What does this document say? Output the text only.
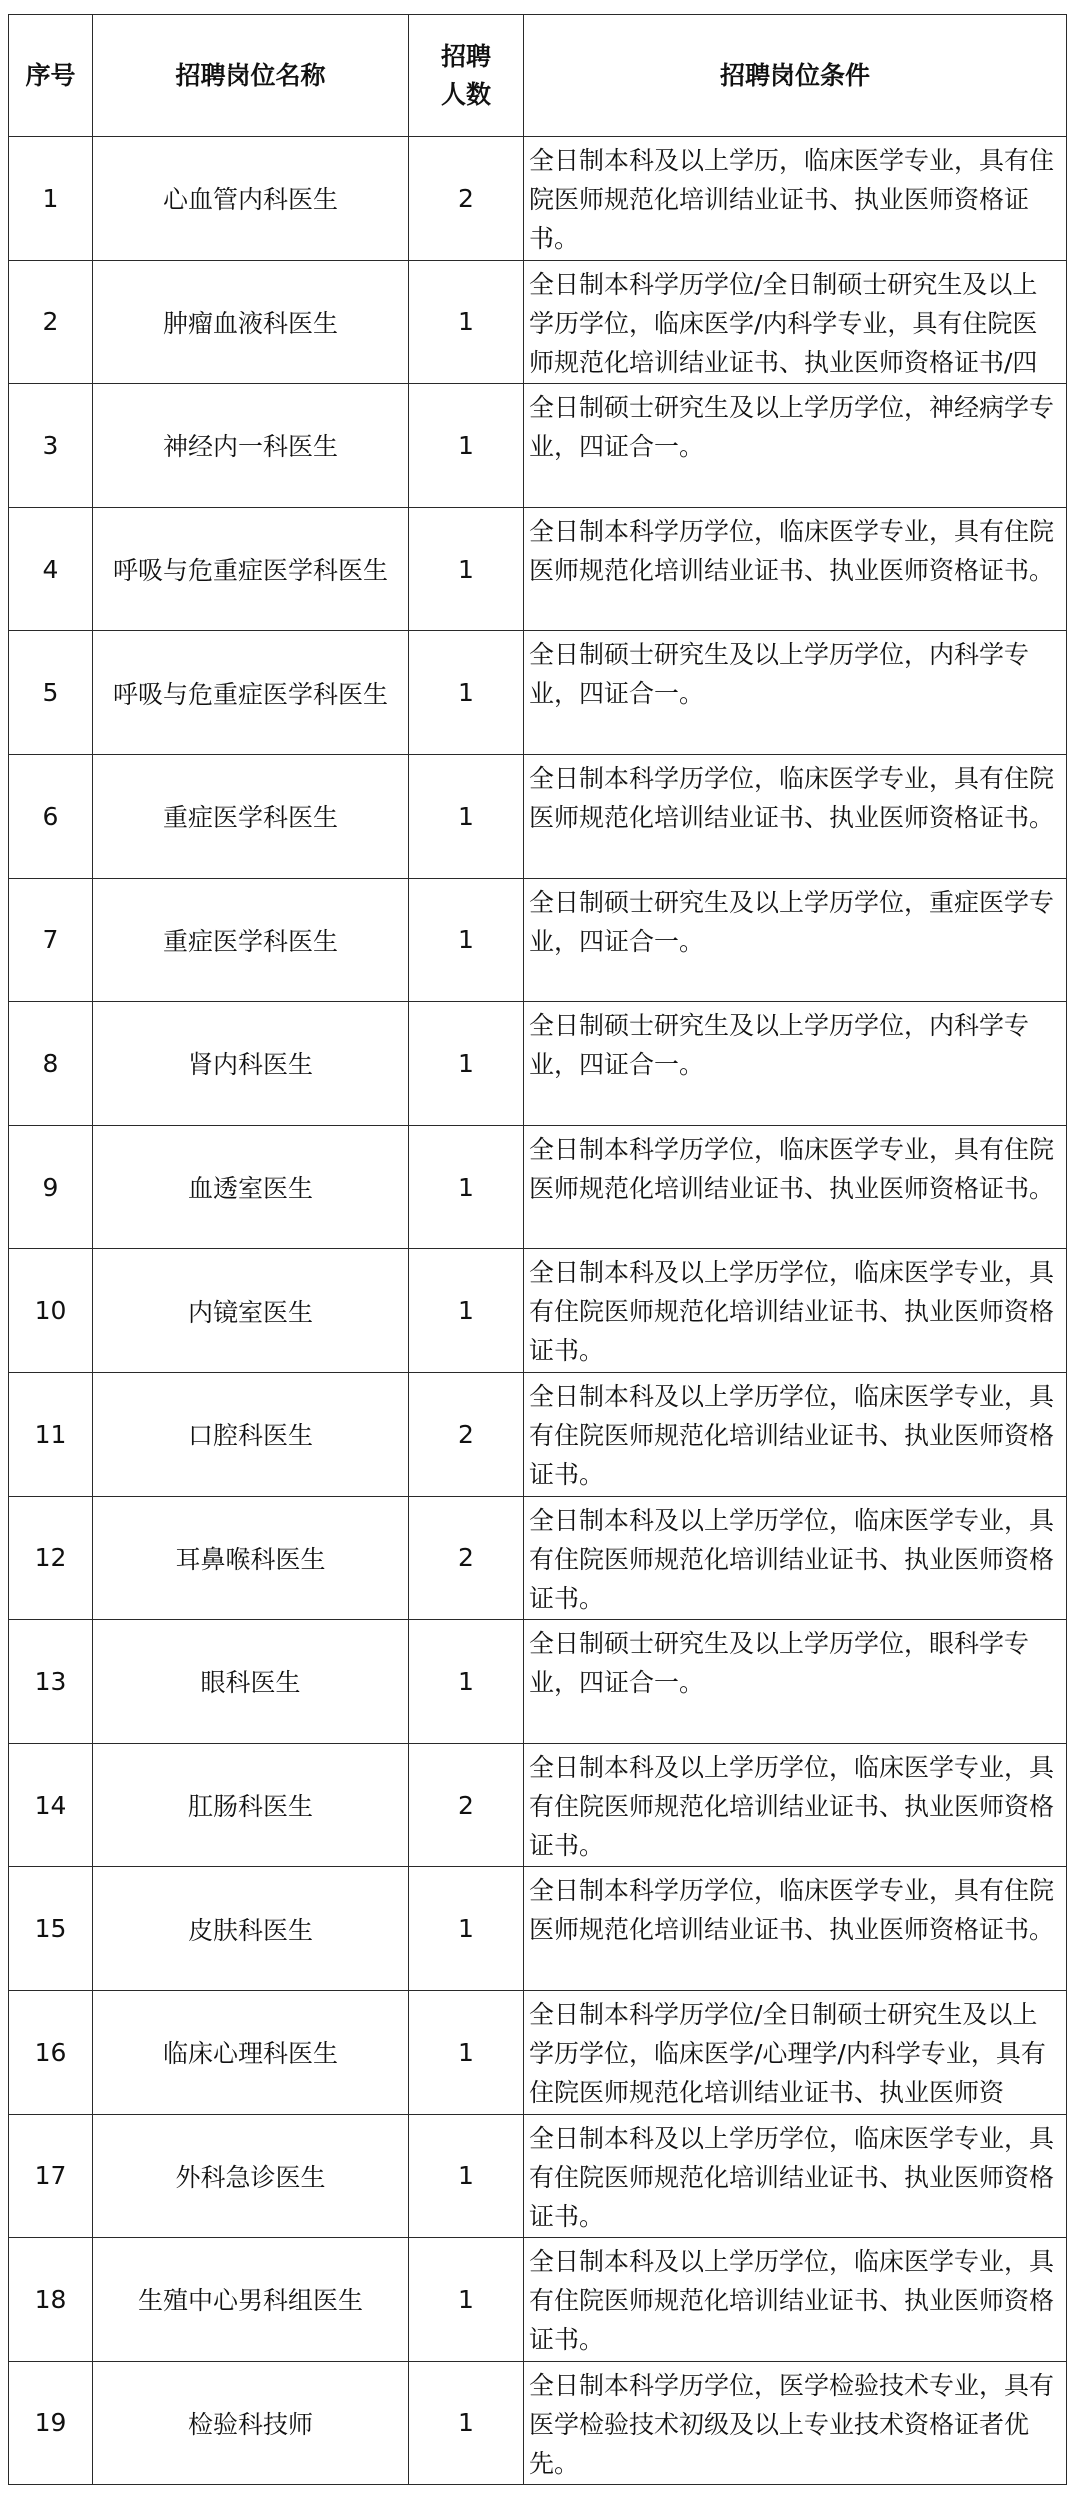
序号	招聘岗位名称	招聘人数	招聘岗位条件
1	心血管内科医生	2	全日制本科及以上学历，临床医学专业，具有住院医师规范化培训结业证书、执业医师资格证书。

2	肿瘤血液科医生	1	全日制本科学历学位/全日制硕士研究生及以上学历学位，临床医学/内科学专业，具有住院医师规范化培训结业证书、执业医师资格证书/四

3	神经内一科医生	1	全日制硕士研究生及以上学历学位，神经病学专业，四证合一。

4	呼吸与危重症医学科医生	1	全日制本科学历学位，临床医学专业，具有住院医师规范化培训结业证书、执业医师资格证书。

5	呼吸与危重症医学科医生	1	全日制硕士研究生及以上学历学位，内科学专业，四证合一。

6	重症医学科医生	1	全日制本科学历学位，临床医学专业，具有住院医师规范化培训结业证书、执业医师资格证书。

7	重症医学科医生	1	全日制硕士研究生及以上学历学位，重症医学专业，四证合一。

8	肾内科医生	1	全日制硕士研究生及以上学历学位，内科学专业，四证合一。

9	血透室医生	1	全日制本科学历学位，临床医学专业，具有住院医师规范化培训结业证书、执业医师资格证书。

10	内镜室医生	1	全日制本科及以上学历学位，临床医学专业，具有住院医师规范化培训结业证书、执业医师资格证书。

11	口腔科医生	2	全日制本科及以上学历学位，临床医学专业，具有住院医师规范化培训结业证书、执业医师资格证书。

12	耳鼻喉科医生	2	全日制本科及以上学历学位，临床医学专业，具有住院医师规范化培训结业证书、执业医师资格证书。

13	眼科医生	1	全日制硕士研究生及以上学历学位，眼科学专业，四证合一。

14	肛肠科医生	2	全日制本科及以上学历学位，临床医学专业，具有住院医师规范化培训结业证书、执业医师资格证书。

15	皮肤科医生	1	全日制本科学历学位，临床医学专业，具有住院医师规范化培训结业证书、执业医师资格证书。

16	临床心理科医生	1	全日制本科学历学位/全日制硕士研究生及以上学历学位，临床医学/心理学/内科学专业，具有住院医师规范化培训结业证书、执业医师资

17	外科急诊医生	1	全日制本科及以上学历学位，临床医学专业，具有住院医师规范化培训结业证书、执业医师资格证书。

18	生殖中心男科组医生	1	全日制本科及以上学历学位，临床医学专业，具有住院医师规范化培训结业证书、执业医师资格证书。

19	检验科技师	1	全日制本科学历学位，医学检验技术专业，具有医学检验技术初级及以上专业技术资格证者优先。
